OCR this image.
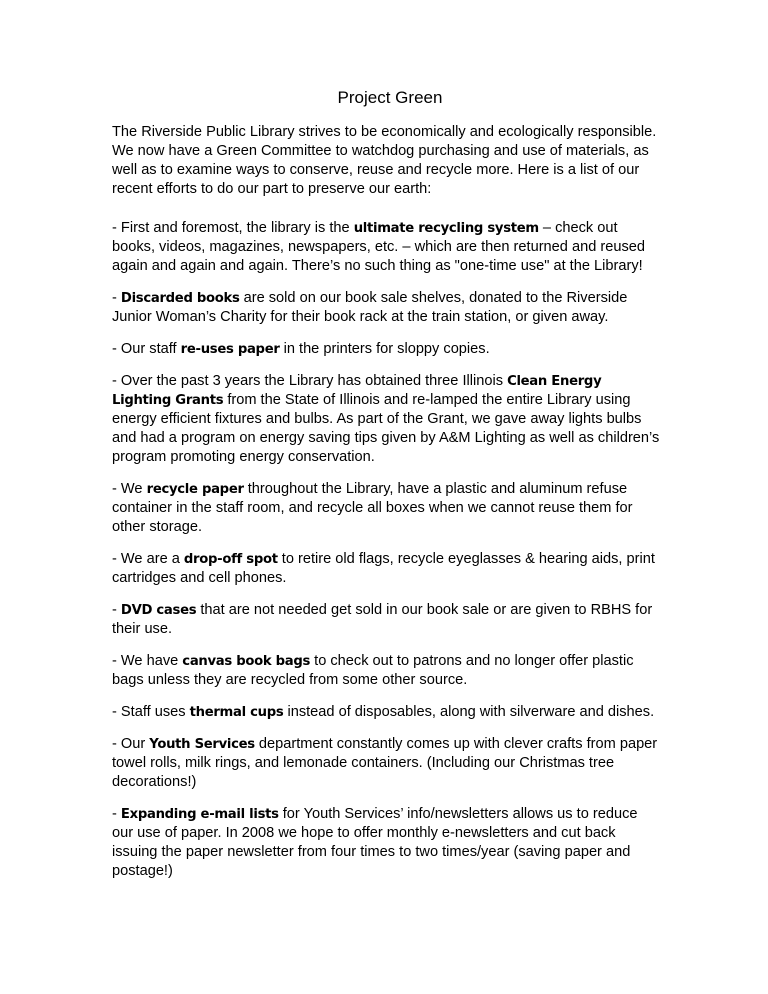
Project Green

The Riverside Public Library strives to be economically and ecologically responsible. We now have a Green Committee to watchdog purchasing and use of materials, as well as to examine ways to conserve, reuse and recycle more. Here is a list of our recent efforts to do our part to preserve our earth:

- First and foremost, the library is the ultimate recycling system – check out books, videos, magazines, newspapers, etc. – which are then returned and reused again and again and again. There’s no such thing as "one-time use" at the Library!

- Discarded books are sold on our book sale shelves, donated to the Riverside Junior Woman’s Charity for their book rack at the train station, or given away.

- Our staff re-uses paper in the printers for sloppy copies.

- Over the past 3 years the Library has obtained three Illinois Clean Energy Lighting Grants from the State of Illinois and re-lamped the entire Library using energy efficient fixtures and bulbs. As part of the Grant, we gave away lights bulbs and had a program on energy saving tips given by A&M Lighting as well as children’s program promoting energy conservation.

- We recycle paper throughout the Library, have a plastic and aluminum refuse container in the staff room, and recycle all boxes when we cannot reuse them for other storage.

- We are a drop-off spot to retire old flags, recycle eyeglasses & hearing aids, print cartridges and cell phones.

- DVD cases that are not needed get sold in our book sale or are given to RBHS for their use.

- We have canvas book bags to check out to patrons and no longer offer plastic bags unless they are recycled from some other source.

- Staff uses thermal cups instead of disposables, along with silverware and dishes.

- Our Youth Services department constantly comes up with clever crafts from paper towel rolls, milk rings, and lemonade containers. (Including our Christmas tree decorations!)

- Expanding e-mail lists for Youth Services’ info/newsletters allows us to reduce our use of paper. In 2008 we hope to offer monthly e-newsletters and cut back issuing the paper newsletter from four times to two times/year (saving paper and postage!)
